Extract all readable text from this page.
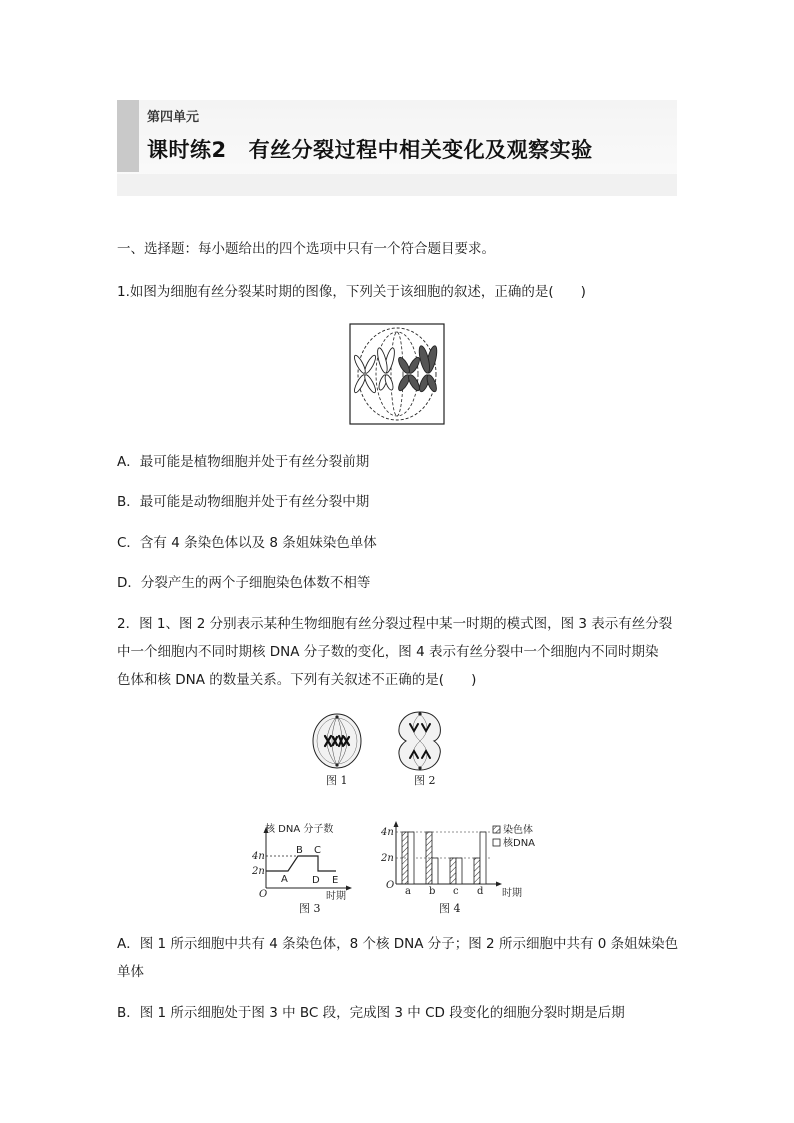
第四单元
课时练2 有丝分裂过程中相关变化及观察实验
一、选择题：每小题给出的四个选项中只有一个符合题目要求。
1.如图为细胞有丝分裂某时期的图像，下列关于该细胞的叙述，正确的是(　　)
A．最可能是植物细胞并处于有丝分裂前期
B．最可能是动物细胞并处于有丝分裂中期
C．含有 4 条染色体以及 8 条姐妹染色单体
D．分裂产生的两个子细胞染色体数不相等
2．图 1、图 2 分别表示某种生物细胞有丝分裂过程中某一时期的模式图，图 3 表示有丝分裂
中一个细胞内不同时期核 DNA 分子数的变化，图 4 表示有丝分裂中一个细胞内不同时期染
色体和核 DNA 的数量关系。下列有关叙述不正确的是(　　)
图 1	图 2
核 DNA 分子数
4n
2n
O
A
B C
D E
时期
图 3
4n
2n
O
a b c d 时期
染色体
核DNA
图 4
A．图 1 所示细胞中共有 4 条染色体，8 个核 DNA 分子；图 2 所示细胞中共有 0 条姐妹染色
单体
B．图 1 所示细胞处于图 3 中 BC 段，完成图 3 中 CD 段变化的细胞分裂时期是后期
